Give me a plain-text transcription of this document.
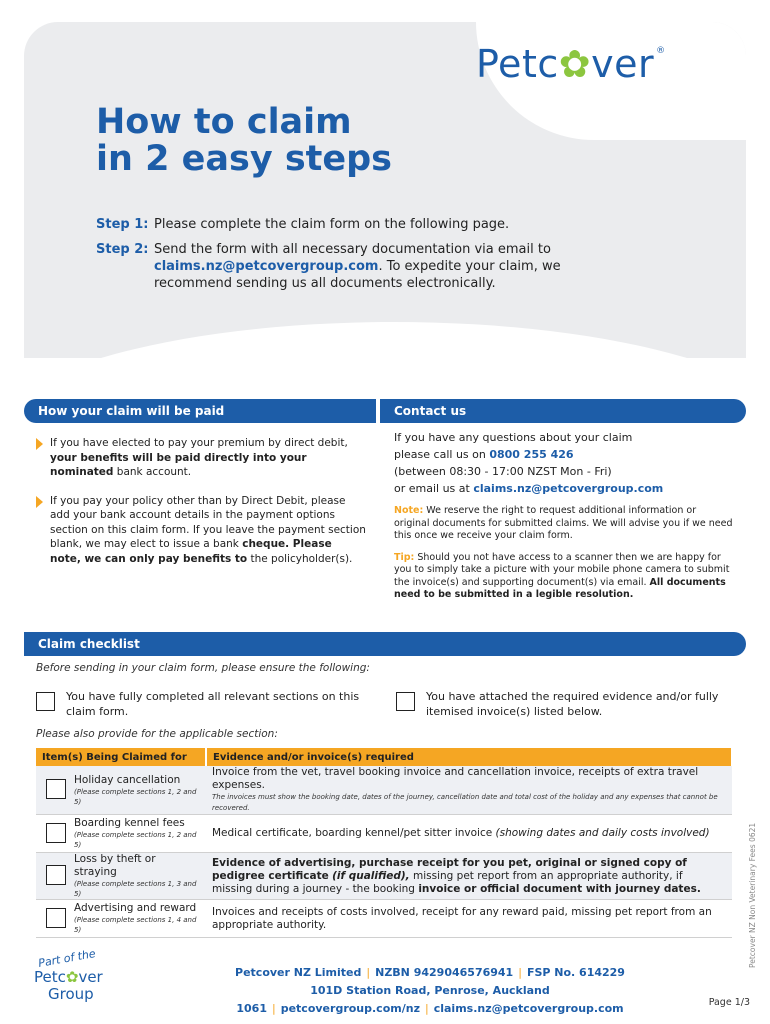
Petc✿ver ®
How to claim
in 2 easy steps
Step 1: Please complete the claim form on the following page.
Step 2: Send the form with all necessary documentation via email to claims.nz@petcovergroup.com. To expedite your claim, we recommend sending us all documents electronically.
How your claim will be paid	Contact us
If you have elected to pay your premium by direct debit, your benefits will be paid directly into your nominated bank account.
If you pay your policy other than by Direct Debit, please add your bank account details in the payment options section on this claim form. If you leave the payment section blank, we may elect to issue a bank cheque. Please note, we can only pay benefits to the policyholder(s).
If you have any questions about your claim
please call us on 0800 255 426
(between 08:30 - 17:00 NZST Mon - Fri)
or email us at claims.nz@petcovergroup.com
Note: We reserve the right to request additional information or original documents for submitted claims. We will advise you if we need this once we receive your claim form.
Tip: Should you not have access to a scanner then we are happy for you to simply take a picture with your mobile phone camera to submit the invoice(s) and supporting document(s) via email. All documents need to be submitted in a legible resolution.
Claim checklist
Before sending in your claim form, please ensure the following:
You have fully completed all relevant sections on this claim form.
You have attached the required evidence and/or fully itemised invoice(s) listed below.
Please also provide for the applicable section:
Item(s) Being Claimed for	Evidence and/or invoice(s) required

Holiday cancellation
(Please complete sections 1, 2 and 5)	Invoice from the vet, travel booking invoice and cancellation invoice, receipts of extra travel expenses.
The invoices must show the booking date, dates of the journey, cancellation date and total cost of the holiday and any expenses that cannot be recovered.

Boarding kennel fees
(Please complete sections 1, 2 and 5)	Medical certificate, boarding kennel/pet sitter invoice (showing dates and daily costs involved)

Loss by theft or straying
(Please complete sections 1, 3 and 5)	Evidence of advertising, purchase receipt for you pet, original or signed copy of pedigree certificate (if qualified), missing pet report from an appropriate authority, if missing during a journey - the booking invoice or official document with journey dates.

Advertising and reward
(Please complete sections 1, 4 and 5)	Invoices and receipts of costs involved, receipt for any reward paid, missing pet report from an appropriate authority.	Petcover NZ Non Veterinary Fees 0621
Part of the
Petc✿ver
Group
Petcover NZ Limited | NZBN 9429046576941 | FSP No. 614229
101D Station Road, Penrose, Auckland 1061 | petcovergroup.com/nz | claims.nz@petcovergroup.com	Page 1/3
